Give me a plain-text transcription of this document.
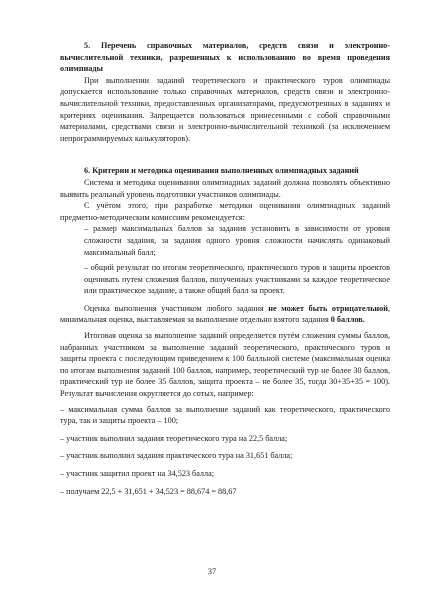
5. Перечень справочных материалов, средств связи и электронно-вычислительной техники, разрешенных к использованию во время проведения олимпиады

При выполнении заданий теоретического и практического туров олимпиады допускается использование только справочных материалов, средств связи и электронно-вычислительной техники, предоставленных организаторами, предусмотренных в заданиях и критериях оценивания. Запрещается пользоваться принесенными с собой справочными материалами, средствами связи и электронно-вычислительной техникой (за исключением непрограммируемых калькуляторов).

6. Критерии и методика оценивания выполненных олимпиадных заданий

Система и методика оценивания олимпиадных заданий должна позволять объективно выявить реальный уровень подготовки участников олимпиады.

С учётом этого, при разработке методики оценивания олимпиадных заданий предметно-методическим комиссиям рекомендуется:

– размер максимальных баллов за задания установить в зависимости от уровня сложности задания, за задания одного уровня сложности начислять одинаковый максимальный балл;

– общий результат по итогам теоретического, практического туров и защиты проектов оценивать путем сложения баллов, полученных участниками за каждое теоретическое или практическое задание, а также общий балл за проект.

Оценка выполнения участником любого задания не может быть отрицательной, минимальная оценка, выставляемая за выполнение отдельно взятого задания 0 баллов.

Итоговая оценка за выполнение заданий определяется путём сложения суммы баллов, набранных участником за выполнение заданий теоретического, практического туров и защиты проекта с последующим приведением к 100 балльной системе (максимальная оценка по итогам выполнения заданий 100 баллов, например, теоретический тур не более 30 баллов, практический тур не более 35 баллов, защита проекта – не более 35, тогда 30+35+35 = 100). Результат вычисления округляется до сотых, например:

– максимальная сумма баллов за выполнение заданий как теоретического, практического тура, так и защиты проекта – 100;

– участник выполнил задания теоретического тура на 22,5 балла;

– участник выполнил задания практического тура на 31,651 балла;

– участник защитил проект на 34,523 балла;

– получаем 22,5 + 31,651 + 34,523 = 88,674 = 88,67

37
